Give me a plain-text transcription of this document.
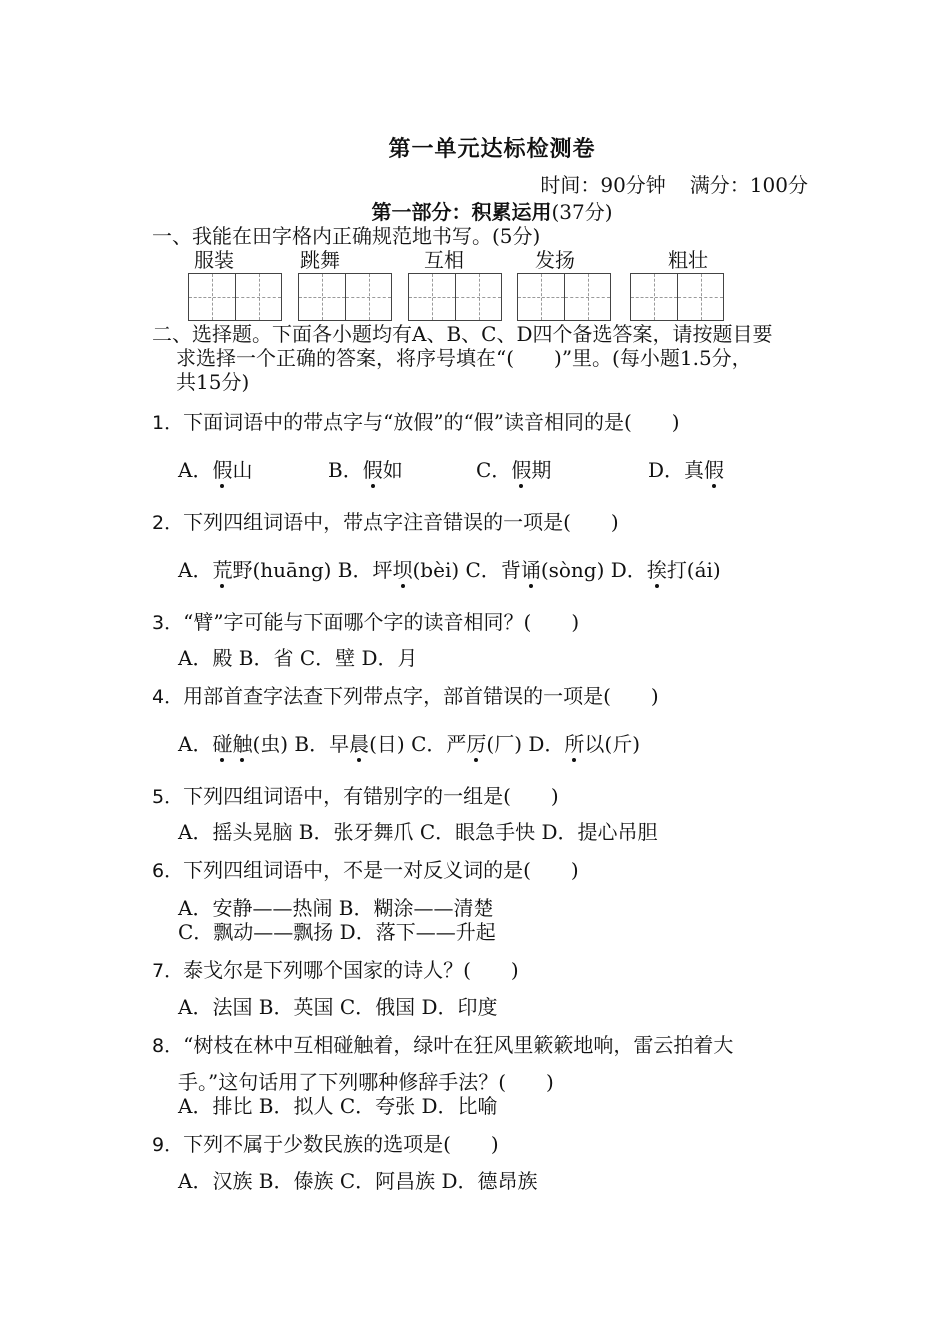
第一单元达标检测卷
时间：90分钟 满分：100分
第一部分：积累运用(37分)
一、我能在田字格内正确规范地书写。(5分)
服装	跳舞	互相	发扬	粗壮
二、选择题。下面各小题均有A、B、C、D四个备选答案，请按题目要
求选择一个正确的答案，将序号填在“(　　)”里。(每小题1.5分，
共15分)
1．下面词语中的带点字与“放假”的“假”读音相同的是(　　)
A．假山	B．假如	C．假期	D．真假
2．下列四组词语中，带点字注音错误的一项是(　　)
A．荒野(huāng) B．坪坝(bèi) C．背诵(sòng) D．挨打(ái)
3．“臂”字可能与下面哪个字的读音相同？(　　)
A．殿 B．省 C．壁 D．月
4．用部首查字法查下列带点字，部首错误的一项是(　　)
A．碰触(虫) B．早晨(日) C．严厉(厂) D．所以(斤)
5．下列四组词语中，有错别字的一组是(　　)
A．摇头晃脑 B．张牙舞爪 C．眼急手快 D．提心吊胆
6．下列四组词语中，不是一对反义词的是(　　)
A．安静——热闹 B．糊涂——清楚
C．飘动——飘扬 D．落下——升起
7．泰戈尔是下列哪个国家的诗人？(　　)
A．法国 B．英国 C．俄国 D．印度
8．“树枝在林中互相碰触着，绿叶在狂风里簌簌地响，雷云拍着大
手。”这句话用了下列哪种修辞手法？(　　)
A．排比 B．拟人 C．夸张 D．比喻
9．下列不属于少数民族的选项是(　　)
A．汉族 B．傣族 C．阿昌族 D．德昂族
